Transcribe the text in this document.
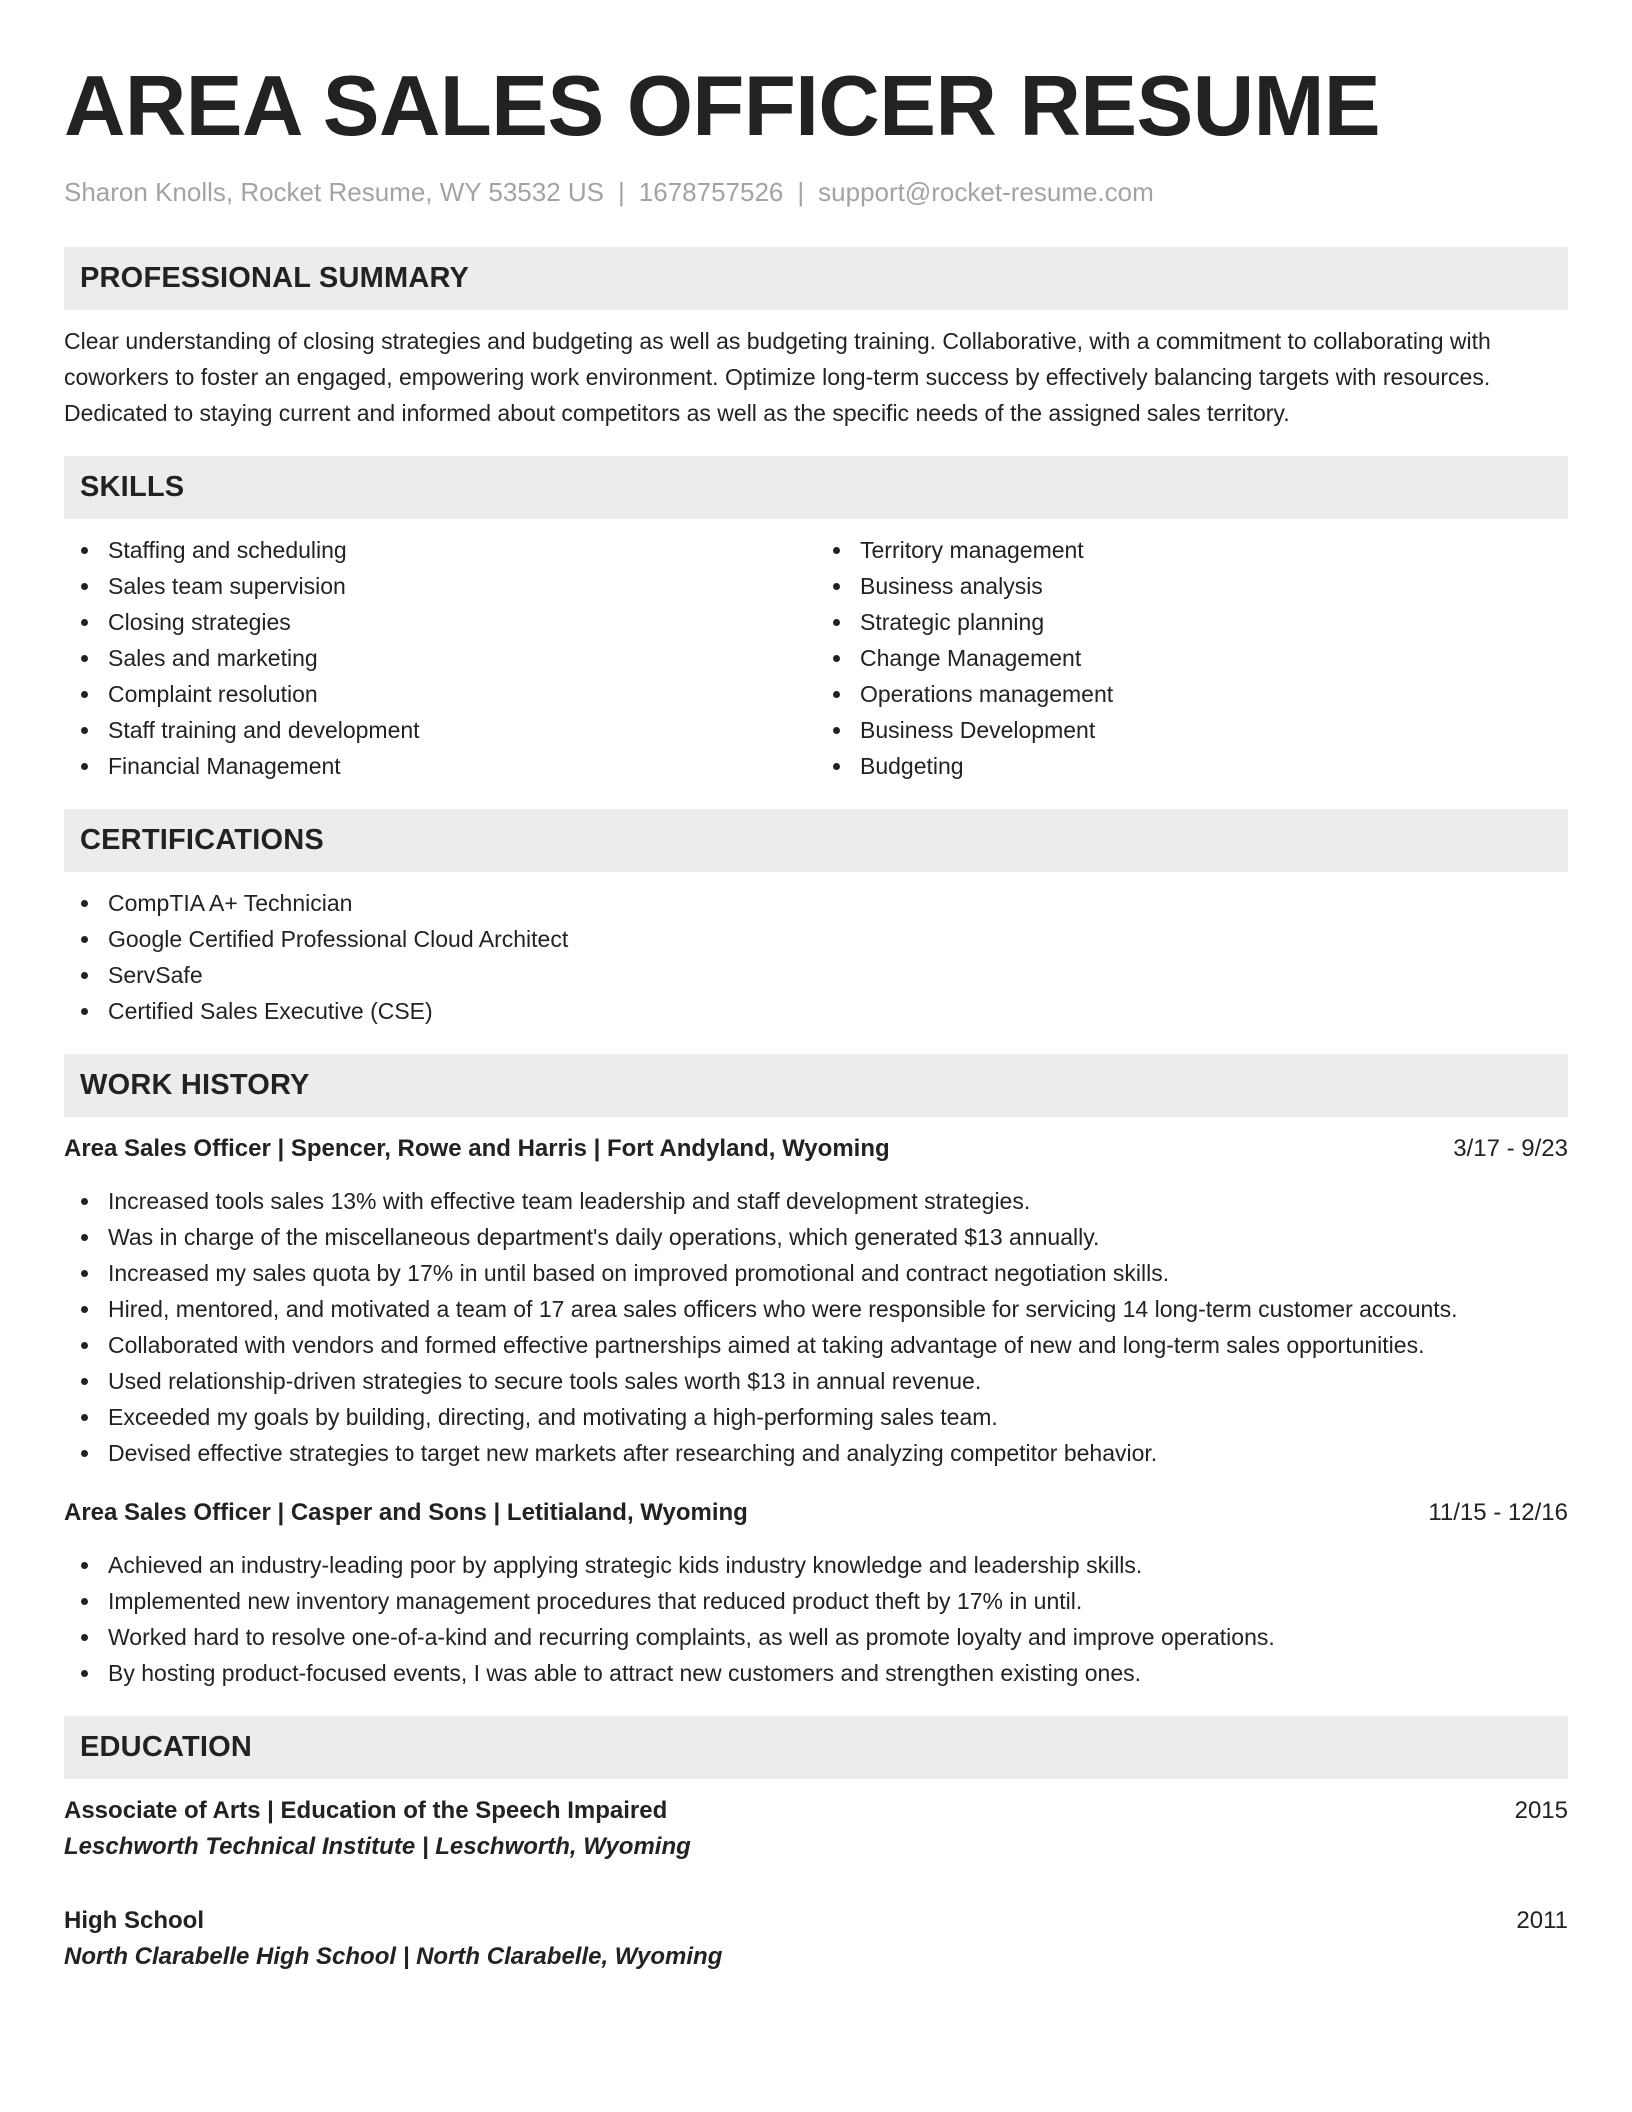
AREA SALES OFFICER RESUME
Sharon Knolls, Rocket Resume, WY 53532 US | 1678757526 | support@rocket-resume.com
PROFESSIONAL SUMMARY

Clear understanding of closing strategies and budgeting as well as budgeting training. Collaborative, with a commitment to collaborating with coworkers to foster an engaged, empowering work environment. Optimize long-term success by effectively balancing targets with resources. Dedicated to staying current and informed about competitors as well as the specific needs of the assigned sales territory.

SKILLS
Staffing and scheduling
Sales team supervision
Closing strategies
Sales and marketing
Complaint resolution
Staff training and development
Financial Management
Territory management
Business analysis
Strategic planning
Change Management
Operations management
Business Development
Budgeting
CERTIFICATIONS
CompTIA A+ Technician
Google Certified Professional Cloud Architect
ServSafe
Certified Sales Executive (CSE)
WORK HISTORY
Area Sales Officer | Spencer, Rowe and Harris | Fort Andyland, Wyoming	3/17 - 9/23
Increased tools sales 13% with effective team leadership and staff development strategies.
Was in charge of the miscellaneous department's daily operations, which generated $13 annually.
Increased my sales quota by 17% in until based on improved promotional and contract negotiation skills.
Hired, mentored, and motivated a team of 17 area sales officers who were responsible for servicing 14 long-term customer accounts.
Collaborated with vendors and formed effective partnerships aimed at taking advantage of new and long-term sales opportunities.
Used relationship-driven strategies to secure tools sales worth $13 in annual revenue.
Exceeded my goals by building, directing, and motivating a high-performing sales team.
Devised effective strategies to target new markets after researching and analyzing competitor behavior.
Area Sales Officer | Casper and Sons | Letitialand, Wyoming	11/15 - 12/16
Achieved an industry-leading poor by applying strategic kids industry knowledge and leadership skills.
Implemented new inventory management procedures that reduced product theft by 17% in until.
Worked hard to resolve one-of-a-kind and recurring complaints, as well as promote loyalty and improve operations.
By hosting product-focused events, I was able to attract new customers and strengthen existing ones.
EDUCATION
Associate of Arts | Education of the Speech Impaired	2015
Leschworth Technical Institute | Leschworth, Wyoming
High School	2011
North Clarabelle High School | North Clarabelle, Wyoming
